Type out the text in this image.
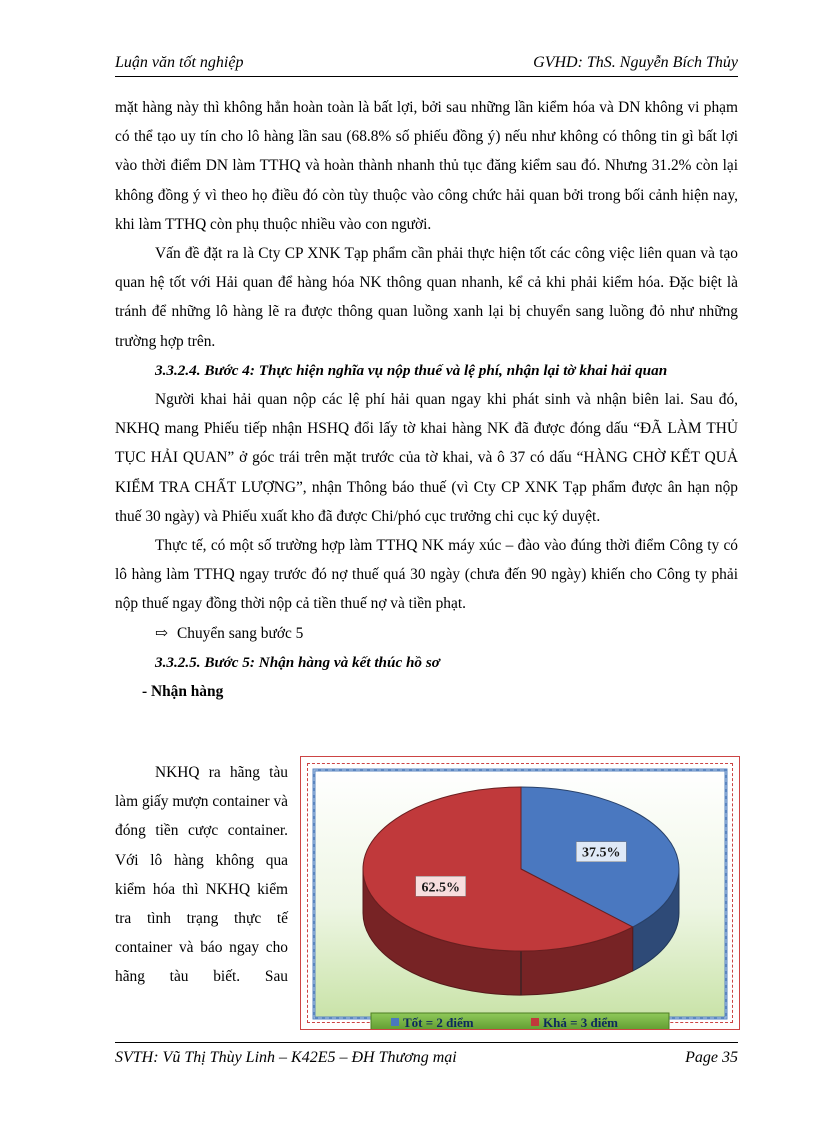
Luận văn tốt nghiệp	GVHD: ThS. Nguyễn Bích Thủy

mặt hàng này thì không hẳn hoàn toàn là bất lợi, bởi sau những lần kiểm hóa và DN không vi phạm có thể tạo uy tín cho lô hàng lần sau (68.8% số phiếu đồng ý) nếu như không có thông tin gì bất lợi vào thời điểm DN làm TTHQ và hoàn thành nhanh thủ tục đăng kiểm sau đó. Nhưng 31.2% còn lại không đồng ý vì theo họ điều đó còn tùy thuộc vào công chức hải quan bởi trong bối cảnh hiện nay, khi làm TTHQ còn phụ thuộc nhiều vào con người.

Vấn đề đặt ra là Cty CP XNK Tạp phẩm cần phải thực hiện tốt các công việc liên quan và tạo quan hệ tốt với Hải quan để hàng hóa NK thông quan nhanh, kể cả khi phải kiểm hóa. Đặc biệt là tránh để những lô hàng lẽ ra được thông quan luồng xanh lại bị chuyển sang luồng đỏ như những trường hợp trên.

3.3.2.4. Bước 4: Thực hiện nghĩa vụ nộp thuế và lệ phí, nhận lại tờ khai hải quan

Người khai hải quan nộp các lệ phí hải quan ngay khi phát sinh và nhận biên lai. Sau đó, NKHQ mang Phiếu tiếp nhận HSHQ đổi lấy tờ khai hàng NK đã được đóng dấu “ĐÃ LÀM THỦ TỤC HẢI QUAN” ở góc trái trên mặt trước của tờ khai, và ô 37 có dấu “HÀNG CHỜ KẾT QUẢ KIỂM TRA CHẤT LƯỢNG”, nhận Thông báo thuế (vì Cty CP XNK Tạp phẩm được ân hạn nộp thuế 30 ngày) và Phiếu xuất kho đã được Chi/phó cục trưởng chi cục ký duyệt.

Thực tế, có một số trường hợp làm TTHQ NK máy xúc – đào vào đúng thời điểm Công ty có lô hàng làm TTHQ ngay trước đó nợ thuế quá 30 ngày (chưa đến 90 ngày) khiến cho Công ty phải nộp thuế ngay đồng thời nộp cả tiền thuế nợ và tiền phạt.

⇨ Chuyển sang bước 5

3.3.2.5. Bước 5: Nhận hàng và kết thúc hồ sơ

- Nhận hàng

NKHQ ra hãng tàu làm giấy mượn container và đóng tiền cược container. Với lô hàng không qua kiểm hóa thì NKHQ kiểm tra tình trạng thực tế container và báo ngay cho hãng tàu biết. Sau

37.5%
62.5%
Tốt = 2 điểm	Khá = 3 điểm
SVTH: Vũ Thị Thùy Linh – K42E5 – ĐH Thương mại	Page 35
